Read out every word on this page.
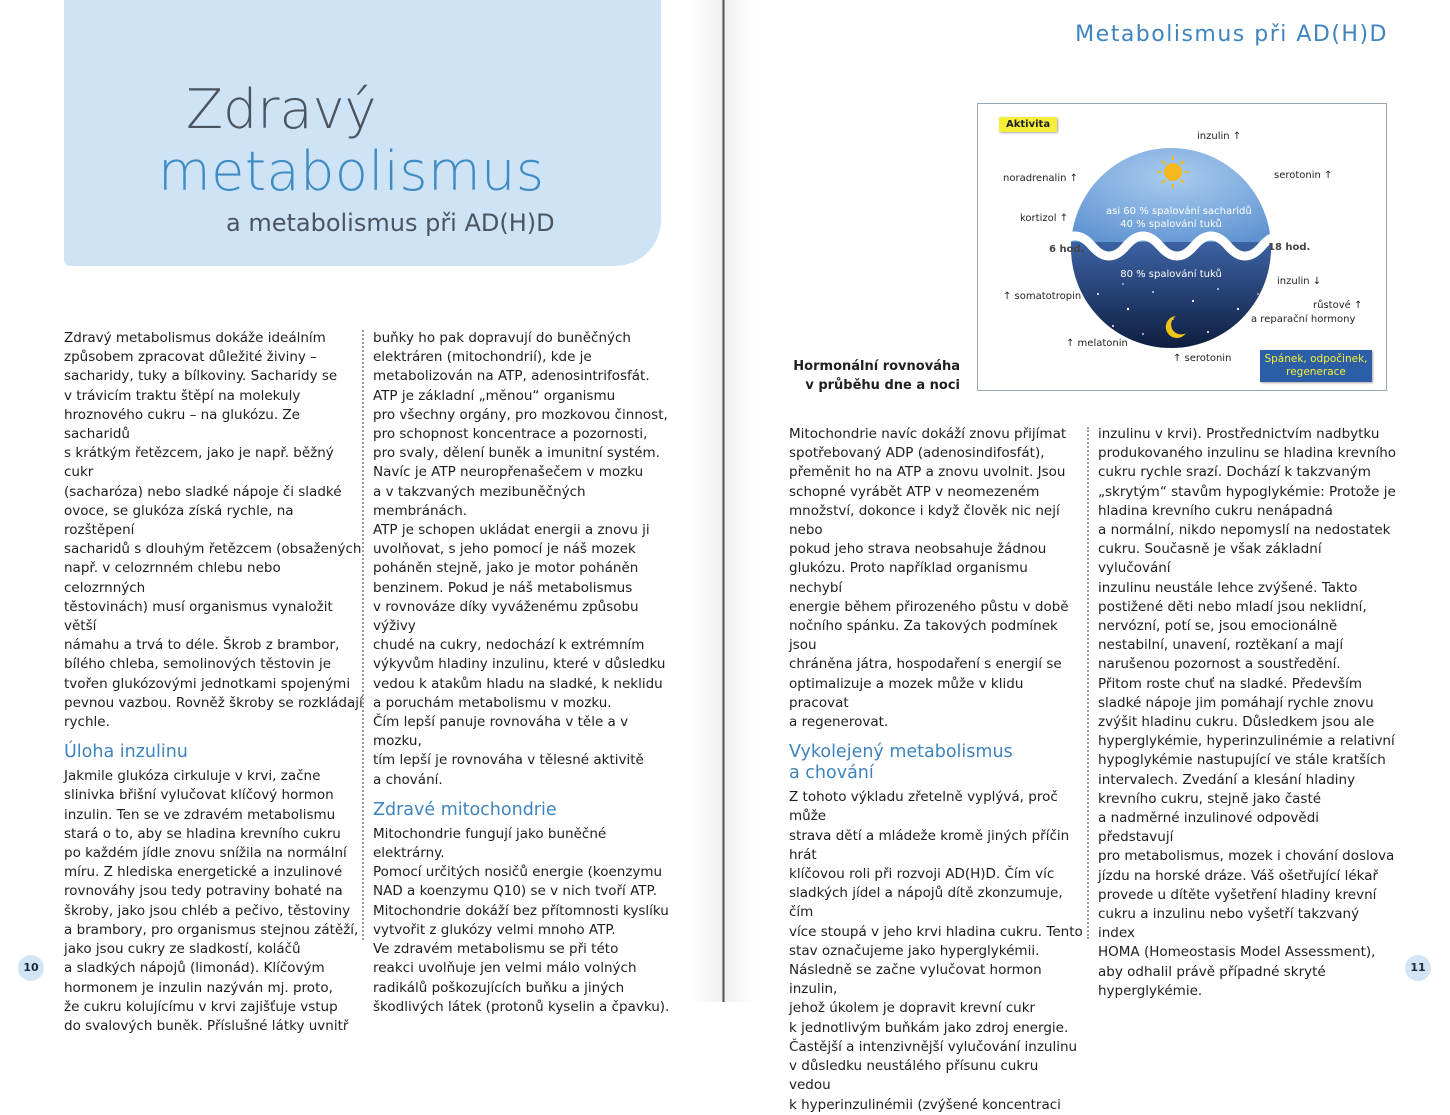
Zdravý
metabolismus
a metabolismus při AD(H)D

Zdravý metabolismus dokáže ideálním
způsobem zpracovat důležité živiny –
sacharidy, tuky a bílkoviny. Sacharidy se
v trávicím traktu štěpí na molekuly
hroznového cukru – na glukózu. Ze sacharidů
s krátkým řetězcem, jako je např. běžný cukr
(sacharóza) nebo sladké nápoje či sladké
ovoce, se glukóza získá rychle, na rozštěpení
sacharidů s dlouhým řetězcem (obsažených
např. v celozrnném chlebu nebo celozrnných
těstovinách) musí organismus vynaložit větší
námahu a trvá to déle. Škrob z brambor,
bílého chleba, semolinových těstovin je
tvořen glukózovými jednotkami spojenými
pevnou vazbou. Rovněž škroby se rozkládají
rychle.

Úloha inzulinu

Jakmile glukóza cirkuluje v krvi, začne
slinivka břišní vylučovat klíčový hormon
inzulin. Ten se ve zdravém metabolismu
stará o to, aby se hladina krevního cukru
po každém jídle znovu snížila na normální
míru. Z hlediska energetické a inzulinové
rovnováhy jsou tedy potraviny bohaté na
škroby, jako jsou chléb a pečivo, těstoviny
a brambory, pro organismus stejnou zátěží,
jako jsou cukry ze sladkostí, koláčů
a sladkých nápojů (limonád). Klíčovým
hormonem je inzulin nazýván mj. proto,
že cukru kolujícímu v krvi zajišťuje vstup
do svalových buněk. Příslušné látky uvnitř

buňky ho pak dopravují do buněčných
elektráren (mitochondrií), kde je
metabolizován na ATP, adenosintrifosfát.
ATP je základní „měnou“ organismu
pro všechny orgány, pro mozkovou činnost,
pro schopnost koncentrace a pozornosti,
pro svaly, dělení buněk a imunitní systém.
Navíc je ATP neuropřenašečem v mozku
a v takzvaných mezibuněčných membránách.
ATP je schopen ukládat energii a znovu ji
uvolňovat, s jeho pomocí je náš mozek
poháněn stejně, jako je motor poháněn
benzinem. Pokud je náš metabolismus
v rovnováze díky vyváženému způsobu výživy
chudé na cukry, nedochází k extrémním
výkyvům hladiny inzulinu, které v důsledku
vedou k atakům hladu na sladké, k neklidu
a poruchám metabolismu v mozku.
Čím lepší panuje rovnováha v těle a v mozku,
tím lepší je rovnováha v tělesné aktivitě
a chování.

Zdravé mitochondrie

Mitochondrie fungují jako buněčné elektrárny.
Pomocí určitých nosičů energie (koenzymu
NAD a koenzymu Q10) se v nich tvoří ATP.
Mitochondrie dokáží bez přítomnosti kyslíku
vytvořit z glukózy velmi mnoho ATP.
Ve zdravém metabolismu se při této
reakci uvolňuje jen velmi málo volných
radikálů poškozujících buňku a jiných
škodlivých látek (protonů kyselin a čpavku).

10
Metabolismus při AD(H)D
Aktivita
asi 60 % spalování sacharidů
40 % spalování tuků
80 % spalování tuků
6 hod.	18 hod.
inzulin ↑
noradrenalin ↑	serotonin ↑
kortizol ↑
inzulin ↓
↑ somatotropin
růstové ↑
a reparační hormony
↑ melatonin
↑ serotonin	Spánek, odpočinek,
regenerace
Hormonální rovnováha
v průběhu dne a noci

Mitochondrie navíc dokáží znovu přijímat
spotřebovaný ADP (adenosindifosfát),
přeměnit ho na ATP a znovu uvolnit. Jsou
schopné vyrábět ATP v neomezeném
množství, dokonce i když člověk nic nejí nebo
pokud jeho strava neobsahuje žádnou
glukózu. Proto například organismu nechybí
energie během přirozeného půstu v době
nočního spánku. Za takových podmínek jsou
chráněna játra, hospodaření s energií se
optimalizuje a mozek může v klidu pracovat
a regenerovat.

Vykolejený metabolismus
a chování

Z tohoto výkladu zřetelně vyplývá, proč může
strava dětí a mládeže kromě jiných příčin hrát
klíčovou roli při rozvoji AD(H)D. Čím víc
sladkých jídel a nápojů dítě zkonzumuje, čím
více stoupá v jeho krvi hladina cukru. Tento
stav označujeme jako hyperglykémii.
Následně se začne vylučovat hormon inzulin,
jehož úkolem je dopravit krevní cukr
k jednotlivým buňkám jako zdroj energie.
Častější a intenzivnější vylučování inzulinu
v důsledku neustálého přísunu cukru vedou
k hyperinzulinémii (zvýšené koncentraci

inzulinu v krvi). Prostřednictvím nadbytku
produkovaného inzulinu se hladina krevního
cukru rychle srazí. Dochází k takzvaným
„skrytým“ stavům hypoglykémie: Protože je
hladina krevního cukru nenápadná
a normální, nikdo nepomyslí na nedostatek
cukru. Současně je však základní vylučování
inzulinu neustále lehce zvýšené. Takto
postižené děti nebo mladí jsou neklidní,
nervózní, potí se, jsou emocionálně
nestabilní, unavení, roztěkaní a mají
narušenou pozornost a soustředění.
Přitom roste chuť na sladké. Především
sladké nápoje jim pomáhají rychle znovu
zvýšit hladinu cukru. Důsledkem jsou ale
hyperglykémie, hyperinzulinémie a relativní
hypoglykémie nastupující ve stále kratších
intervalech. Zvedání a klesání hladiny
krevního cukru, stejně jako časté
a nadměrné inzulinové odpovědi představují
pro metabolismus, mozek i chování doslova
jízdu na horské dráze. Váš ošetřující lékař
provede u dítěte vyšetření hladiny krevní
cukru a inzulinu nebo vyšetří takzvaný index
HOMA (Homeostasis Model Assessment),
aby odhalil právě případné skryté
hyperglykémie.

11
